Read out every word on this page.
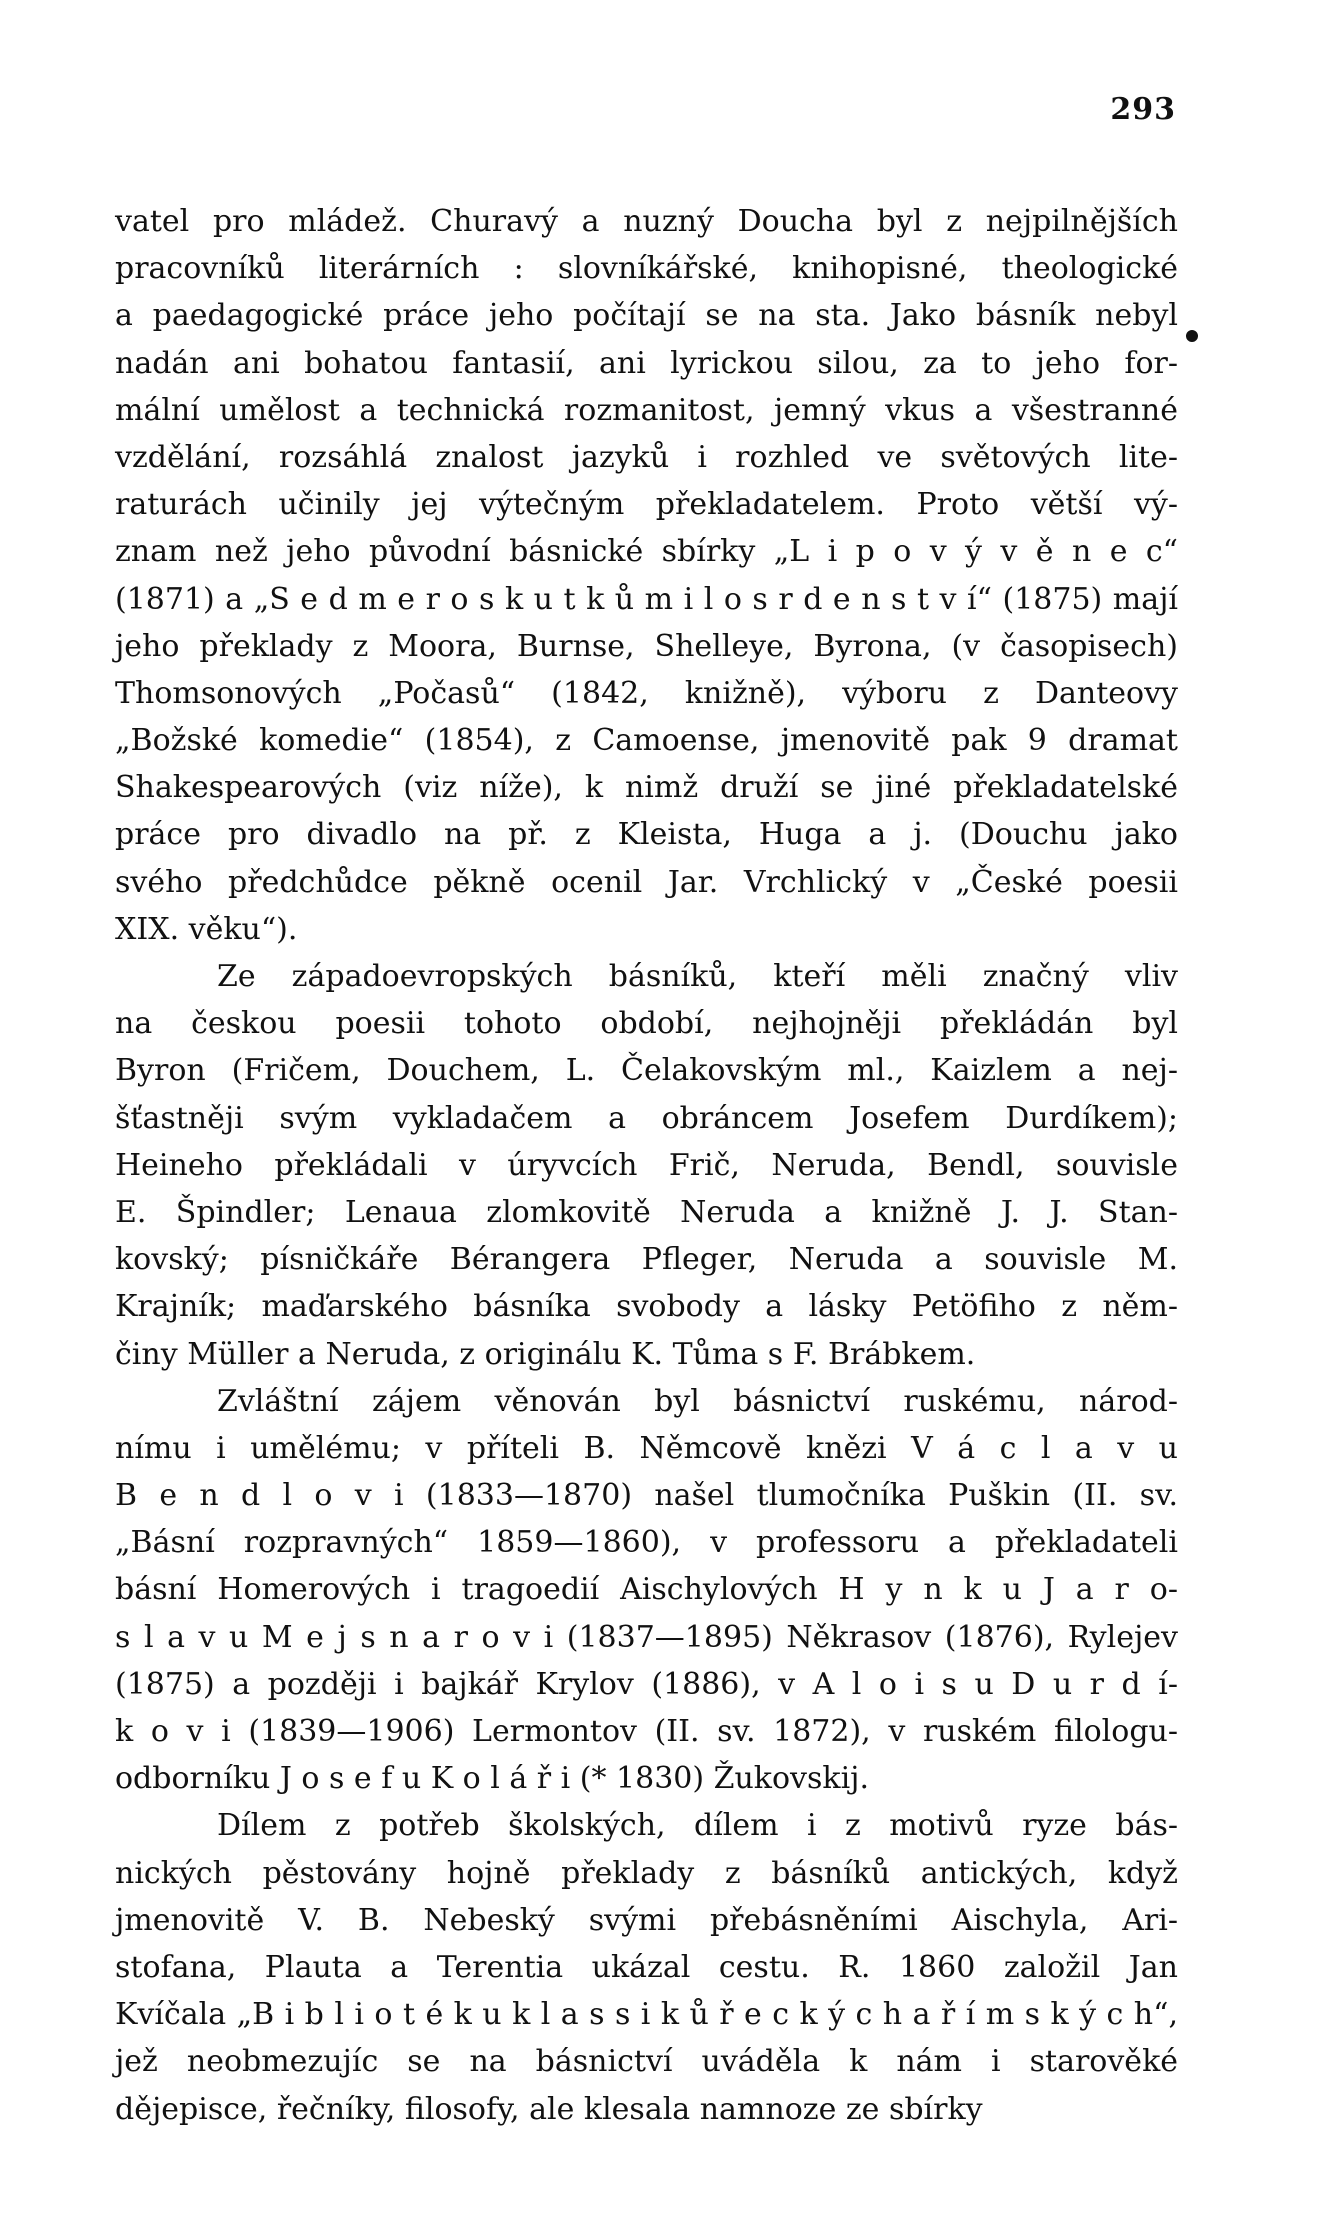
293
vatel pro mládež. Churavý a nuzný Doucha byl z nejpilnějších
pracovníků literárních : slovníkářské, knihopisné, theologické
a paedagogické práce jeho počítají se na sta. Jako básník nebyl
nadán ani bohatou fantasií, ani lyrickou silou, za to jeho for-
mální umělost a technická rozmanitost, jemný vkus a všestranné
vzdělání, rozsáhlá znalost jazyků i rozhled ve světových lite-
raturách učinily jej výtečným překladatelem. Proto větší vý-
znam než jeho původní básnické sbírky „L i p o v ý v ě n e c“
(1871) a „S e d m e r o s k u t k ů m i l o s r d e n s t v í“ (1875) mají
jeho překlady z Moora, Burnse, Shelleye, Byrona, (v časopisech)
Thomsonových „Počasů“ (1842, knižně), výboru z Danteovy
„Božské komedie“ (1854), z Camoense, jmenovitě pak 9 dramat
Shakespearových (viz níže), k nimž druží se jiné překladatelské
práce pro divadlo na př. z Kleista, Huga a j. (Douchu jako
svého předchůdce pěkně ocenil Jar. Vrchlický v „České poesii
XIX. věku“).
Ze západoevropských básníků, kteří měli značný vliv
na českou poesii tohoto období, nejhojněji překládán byl
Byron (Fričem, Douchem, L. Čelakovským ml., Kaizlem a nej-
šťastněji svým vykladačem a obráncem Josefem Durdíkem);
Heineho překládali v úryvcích Frič, Neruda, Bendl, souvisle
E. Špindler; Lenaua zlomkovitě Neruda a knižně J. J. Stan-
kovský; písničkáře Bérangera Pfleger, Neruda a souvisle M.
Krajník; maďarského básníka svobody a lásky Petöfiho z něm-
činy Müller a Neruda, z originálu K. Tůma s F. Brábkem.
Zvláštní zájem věnován byl básnictví ruskému, národ-
nímu i umělému; v příteli B. Němcově knězi V á c l a v u
B e n d l o v i (1833—1870) našel tlumočníka Puškin (II. sv.
„Básní rozpravných“ 1859—1860), v professoru a překladateli
básní Homerových i tragoedií Aischylových H y n k u J a r o-
s l a v u M e j s n a r o v i (1837—1895) Někrasov (1876), Rylejev
(1875) a později i bajkář Krylov (1886), v A l o i s u D u r d í-
k o v i (1839—1906) Lermontov (II. sv. 1872), v ruském filologu-
odborníku J o s e f u K o l á ř i (* 1830) Žukovskij.
Dílem z potřeb školských, dílem i z motivů ryze bás-
nických pěstovány hojně překlady z básníků antických, když
jmenovitě V. B. Nebeský svými přebásněními Aischyla, Ari-
stofana, Plauta a Terentia ukázal cestu. R. 1860 založil Jan
Kvíčala „B i b l i o t é k u k l a s s i k ů ř e c k ý c h a ř í m s k ý c h“,
jež neobmezujíc se na básnictví uváděla k nám i starověké
dějepisce, řečníky, filosofy, ale klesala namnoze ze sbírky
